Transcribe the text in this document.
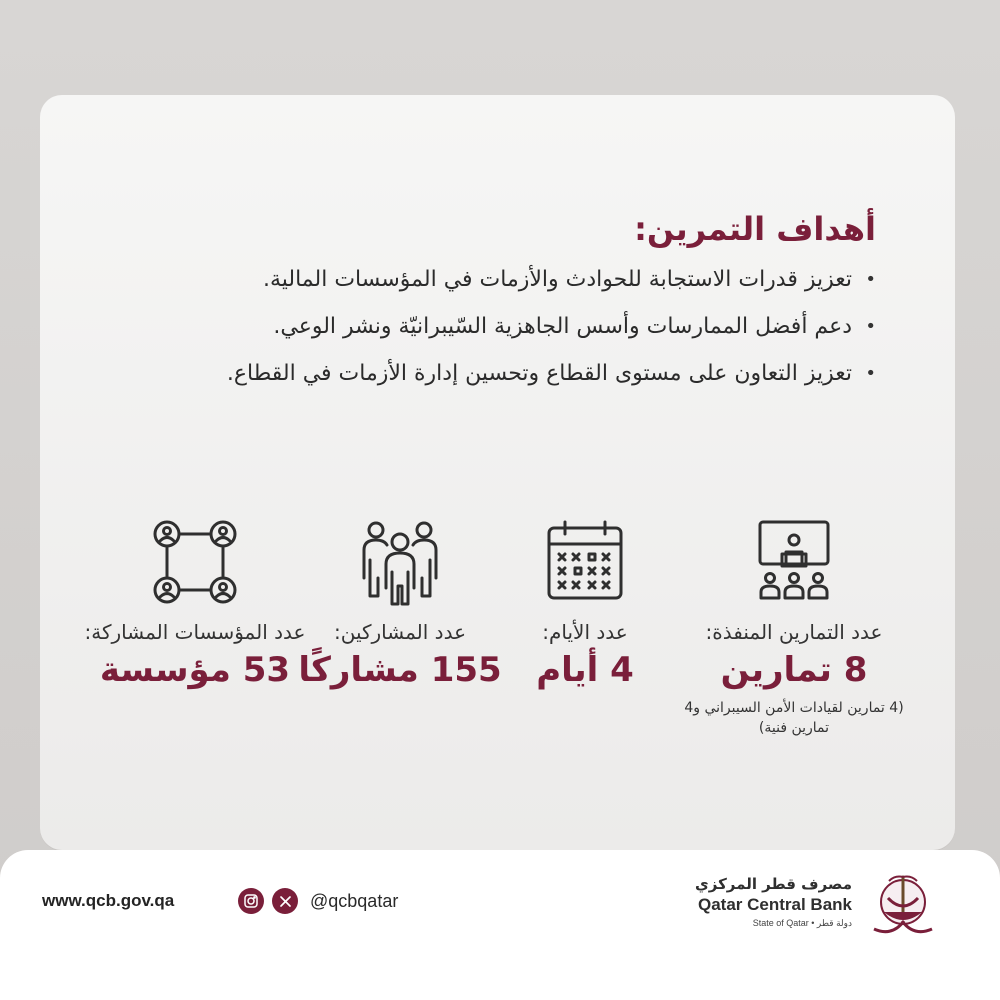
أهداف التمرين:
• تعزيز قدرات الاستجابة للحوادث والأزمات في المؤسسات المالية.
• دعم أفضل الممارسات وأسس الجاهزية السّيبرانيّة ونشر الوعي.
• تعزيز التعاون على مستوى القطاع وتحسين إدارة الأزمات في القطاع.
عدد التمارين المنفذة:
8 تمارين
(4 تمارين لقيادات الأمن السيبراني و4 تمارين فنية)
عدد الأيام:
4 أيام
عدد المشاركين:
155 مشاركًا
عدد المؤسسات المشاركة:
53 مؤسسة
www.qcb.gov.qa	@qcbqatar
مصرف قطر المركزي
Qatar Central Bank
State of Qatar • دولة قطر
